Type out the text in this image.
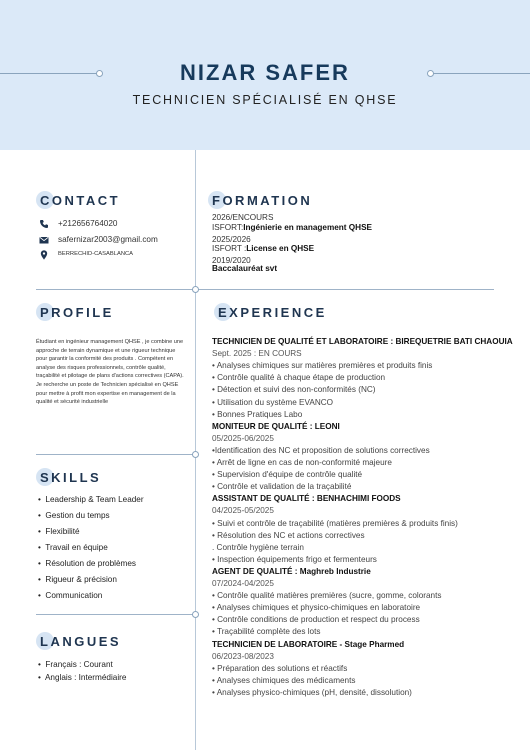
NIZAR SAFER
TECHNICIEN SPÉCIALISÉ EN QHSE
CONTACT
+212656764020
safernizar2003@gmail.com
BERRECHID-CASABLANCA
FORMATION
2026/ENCOURS
ISFORT:Ingénierie en management QHSE
2025/2026
ISFORT :License en QHSE
2019/2020
Baccalauréat svt
PROFILE
Étudiant en ingénieur management QHSE , je combine une approche de terrain dynamique et une rigueur technique pour garantir la conformité des produits . Compétent en analyse des risques professionnels, contrôle qualité, traçabilité et pilotage de plans d'actions correctives (CAPA). Je recherche un poste de Technicien spécialisé en QHSE pour mettre à profit mon expertise en management de la qualité et sécurité industrielle
EXPERIENCE
TECHNICIEN DE QUALITÉ ET LABORATOIRE : BIREQUETRIE BATI CHAOUIA
Sept. 2025 : EN COURS
• Analyses chimiques sur matières premières et produits finis
• Contrôle qualité à chaque étape de production
• Détection et suivi des non-conformités (NC)
• Utilisation du système EVANCO
• Bonnes Pratiques Labo
MONITEUR DE QUALITÉ : LEONI
05/2025-06/2025
•Identification des NC et proposition de solutions correctives
• Arrêt de ligne en cas de non-conformité majeure
• Supervision d'équipe de contrôle qualité
• Contrôle et validation de la traçabilité
ASSISTANT DE QUALITÉ : BENHACHIMI FOODS
04/2025-05/2025
• Suivi et contrôle de traçabilité (matières premières & produits finis)
• Résolution des NC et actions correctives
. Contrôle hygiène terrain
• Inspection équipements frigo et fermenteurs
AGENT DE QUALITÉ : Maghreb Industrie
07/2024-04/2025
• Contrôle qualité matières premières (sucre, gomme, colorants
• Analyses chimiques et physico-chimiques en laboratoire
• Contrôle conditions de production et respect du process
• Traçabilité complète des lots
TECHNICIEN DE LABORATOIRE - Stage Pharmed
06/2023-08/2023
• Préparation des solutions et réactifs
• Analyses chimiques des médicaments
• Analyses physico-chimiques (pH, densité, dissolution)
SKILLS
•  Leadership & Team Leader
•  Gestion du temps
•  Flexibilité
•  Travail en équipe
•  Résolution de problèmes
•  Rigueur & précision
•  Communication
LANGUES
•  Français : Courant
•  Anglais : Intermédiaire
